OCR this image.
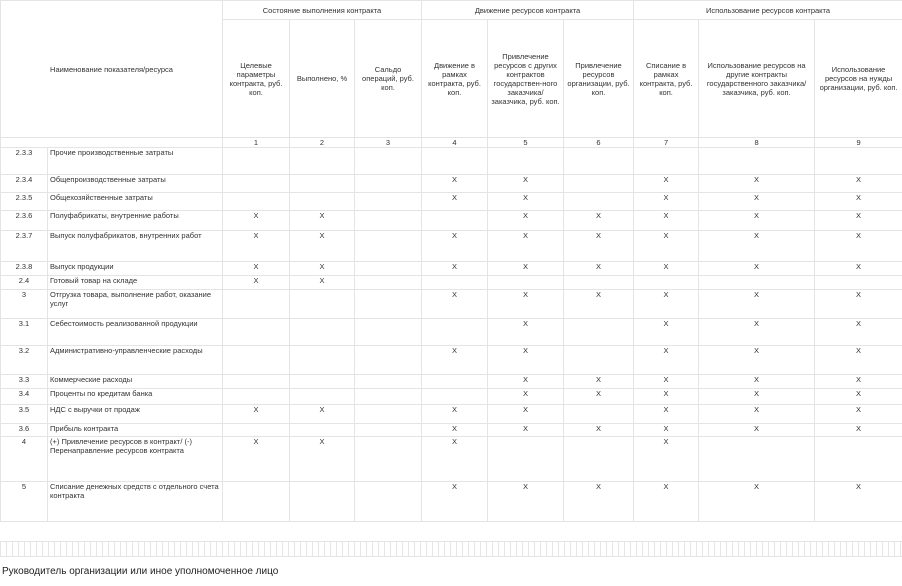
Наименование показателя/ресурса		Состояние выполнения контракта			Движение ресурсов контракта			Использование ресурсов контракта		
		Целевые параметры контракта, руб. коп.	Выполнено, %	Сальдо операций, руб. коп.	Движение в рамках контракта, руб. коп.	Привлечение ресурсов с других контрактов государствен-ного заказчика/ заказчика, руб. коп.	Привлечение ресурсов организации, руб. коп.	Списание в рамках контракта, руб. коп.	Использование ресурсов на другие контракты государственного заказчика/заказчика, руб. коп.	Использование ресурсов на нужды организации, руб. коп.
		1	2	3	4	5	6	7	8	9
2.3.3	Прочие производственные затраты									
2.3.4	Общепроизводственные затраты				X	X		X	X	X
2.3.5	Общехозяйственные затраты				X	X		X	X	X
2.3.6	Полуфабрикаты, внутренние работы	X	X			X	X	X	X	X
2.3.7	Выпуск полуфабрикатов, внутренних работ	X	X		X	X	X	X	X	X
2.3.8	Выпуск продукции	X	X		X	X	X	X	X	X
2.4	Готовый товар на складе	X	X							
3	Отгрузка товара, выполнение работ, оказание услуг				X	X	X	X	X	X
3.1	Себестоимость реализованной продукции					X		X	X	X
3.2	Административно-управленческие расходы				X	X		X	X	X
3.3	Коммерческие расходы					X	X	X	X	X
3.4	Проценты по кредитам банка					X	X	X	X	X
3.5	НДС с выручки от продаж	X	X		X	X		X	X	X
3.6	Прибыль контракта				X	X	X	X	X	X
4	(+) Привлечение ресурсов в контракт/ (-) Перенаправление ресурсов контракта	X	X		X			X		
5	Списание денежных средств с отдельного счета контракта				X	X	X	X	X	X
Руководитель организации или иное уполномоченное лицо
